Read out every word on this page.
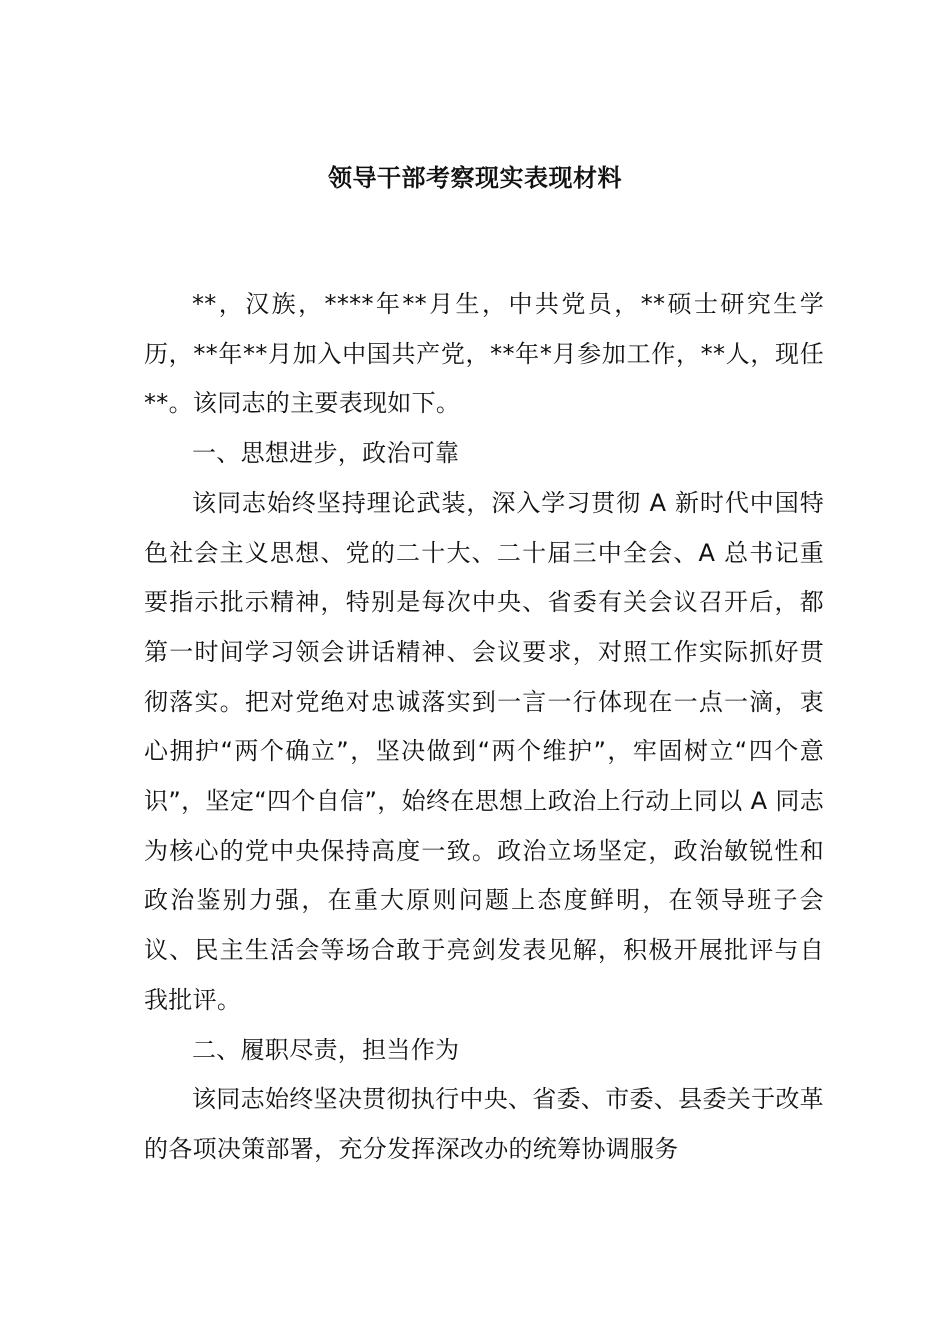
领导干部考察现实表现材料

**，汉族，****年**月生，中共党员，**硕士研究生学历，**年**月加入中国共产党，**年*月参加工作，**人，现任**。该同志的主要表现如下。

一、思想进步，政治可靠

该同志始终坚持理论武装，深入学习贯彻 A 新时代中国特色社会主义思想、党的二十大、二十届三中全会、A 总书记重要指示批示精神，特别是每次中央、省委有关会议召开后，都第一时间学习领会讲话精神、会议要求，对照工作实际抓好贯彻落实。把对党绝对忠诚落实到一言一行体现在一点一滴，衷心拥护“两个确立”，坚决做到“两个维护”，牢固树立“四个意识”，坚定“四个自信”，始终在思想上政治上行动上同以 A 同志为核心的党中央保持高度一致。政治立场坚定，政治敏锐性和政治鉴别力强，在重大原则问题上态度鲜明，在领导班子会议、民主生活会等场合敢于亮剑发表见解，积极开展批评与自我批评。

二、履职尽责，担当作为

该同志始终坚决贯彻执行中央、省委、市委、县委关于改革的各项决策部署，充分发挥深改办的统筹协调服务
